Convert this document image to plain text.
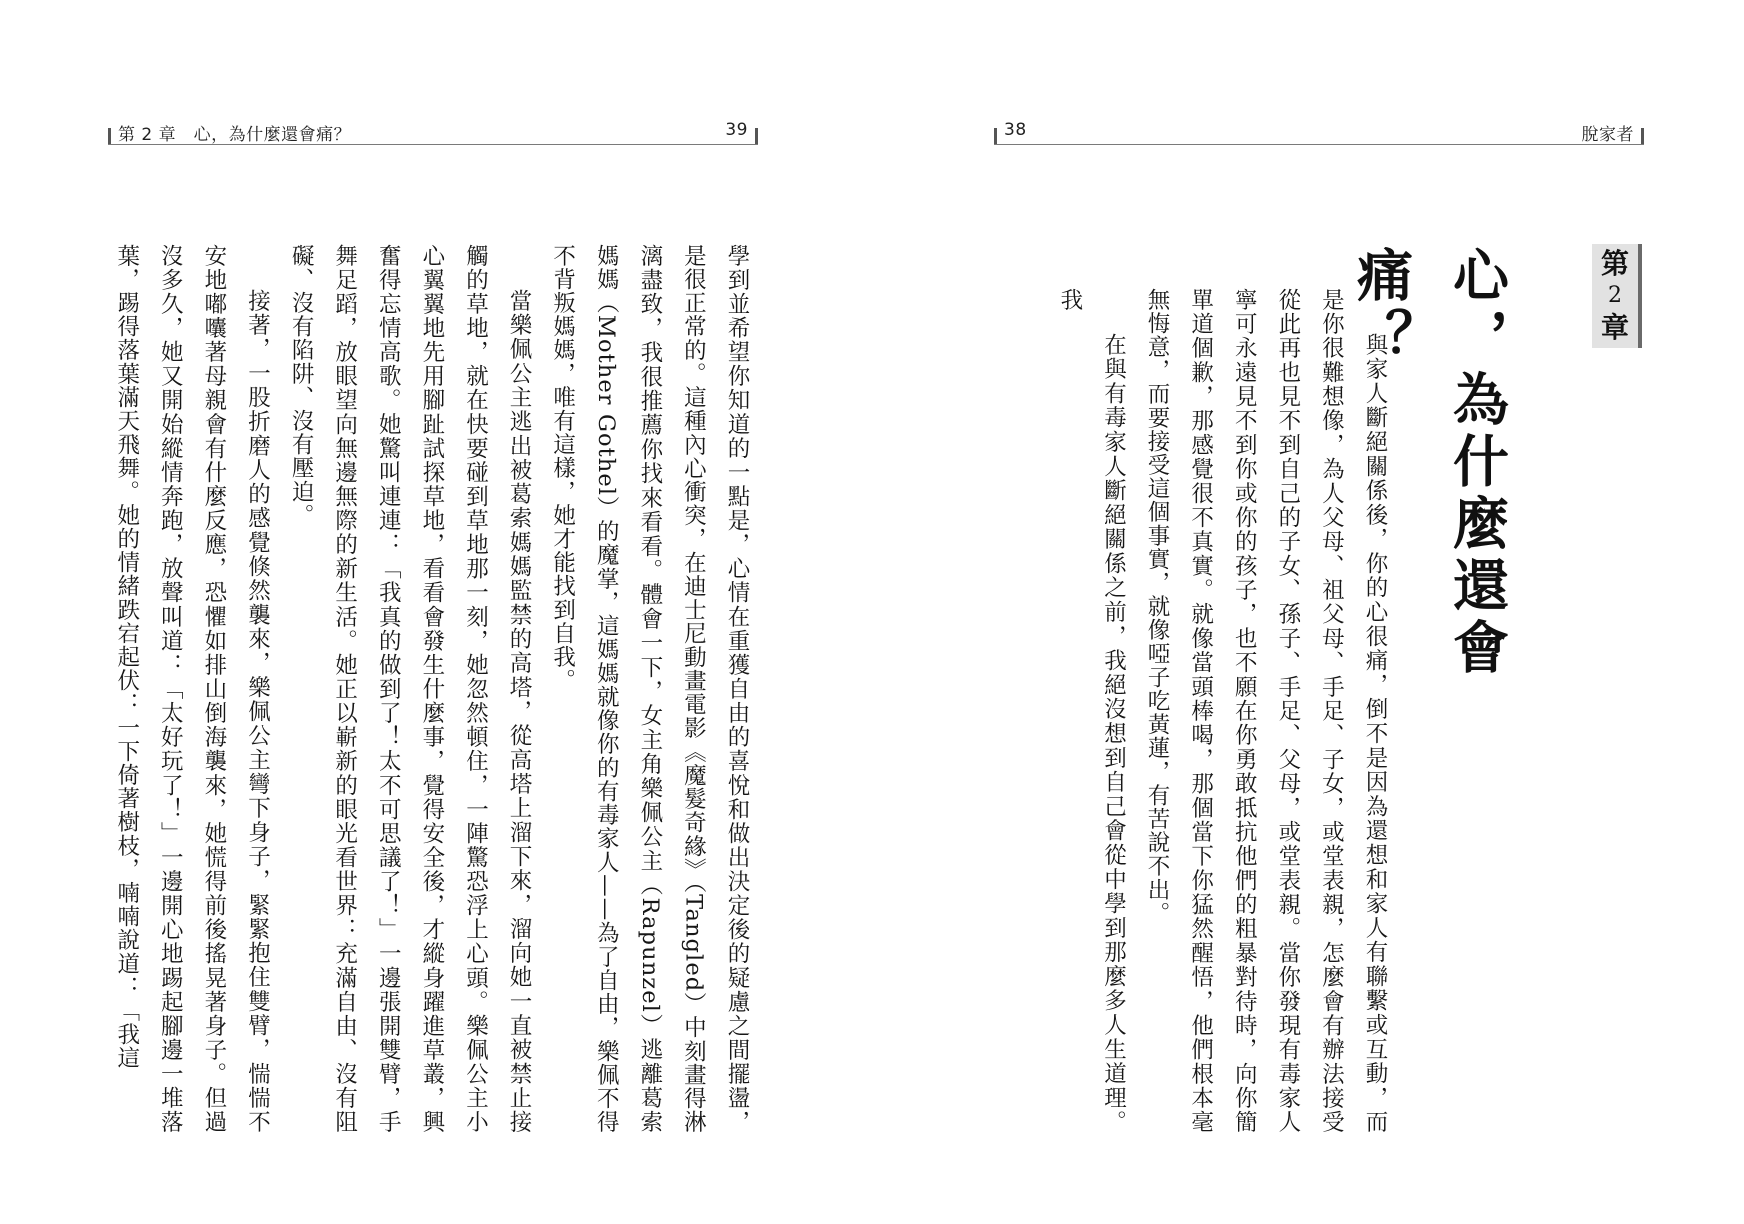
第 2 章　心，為什麼還會痛？	39

學到並希望你知道的一點是，心情在重獲自由的喜悅和做出決定後的疑慮之間擺盪，是很正常的。這種內心衝突，在迪士尼動畫電影《魔髮奇緣》（Tangled）中刻畫得淋漓盡致，我很推薦你找來看看。體會一下，女主角樂佩公主（Rapunzel）逃離葛索媽媽（Mother Gothel）的魔掌，這媽媽就像你的有毒家人——為了自由，樂佩不得不背叛媽媽，唯有這樣，她才能找到自我。

當樂佩公主逃出被葛索媽媽監禁的高塔，從高塔上溜下來，溜向她一直被禁止接觸的草地，就在快要碰到草地那一刻，她忽然頓住，一陣驚恐浮上心頭。樂佩公主小心翼翼地先用腳趾試探草地，看看會發生什麼事，覺得安全後，才縱身躍進草叢，興奮得忘情高歌。她驚叫連連：「我真的做到了！太不可思議了！」一邊張開雙臂，手舞足蹈，放眼望向無邊無際的新生活。她正以嶄新的眼光看世界：充滿自由、沒有阻礙、沒有陷阱、沒有壓迫。

接著，一股折磨人的感覺倏然襲來，樂佩公主彎下身子，緊緊抱住雙臂，惴惴不安地嘟囔著母親會有什麼反應，恐懼如排山倒海襲來，她慌得前後搖晃著身子。但過沒多久，她又開始縱情奔跑，放聲叫道：「太好玩了！」一邊開心地踢起腳邊一堆落葉，踢得落葉滿天飛舞。她的情緒跌宕起伏：一下倚著樹枝，喃喃說道：「我這

38	脫家者
第
2
章
心，為什麼還會痛？

與家人斷絕關係後，你的心很痛，倒不是因為還想和家人有聯繫或互動，而是你很難想像，為人父母、祖父母、手足、子女，或堂表親，怎麼會有辦法接受從此再也見不到自己的子女、孫子、手足、父母，或堂表親。當你發現有毒家人寧可永遠見不到你或你的孩子，也不願在你勇敢抵抗他們的粗暴對待時，向你簡單道個歉，那感覺很不真實。就像當頭棒喝，那個當下你猛然醒悟，他們根本毫無悔意，而要接受這個事實，就像啞子吃黃蓮，有苦說不出。

在與有毒家人斷絕關係之前，我絕沒想到自己會從中學到那麼多人生道理。我
